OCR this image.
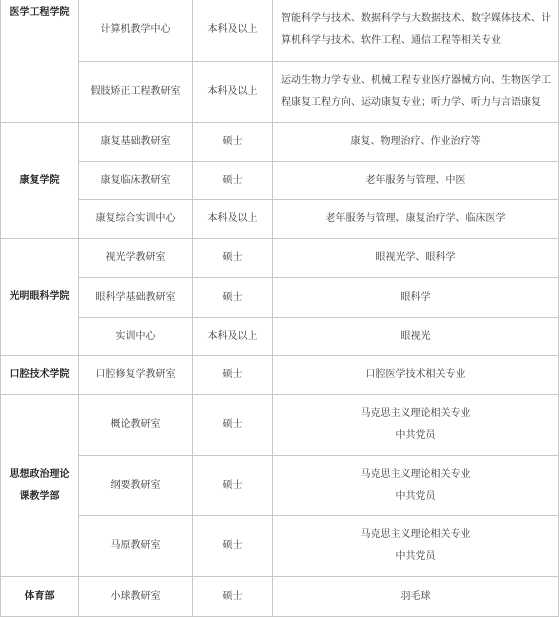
医学工程学院	计算机教学中心	本科及以上	智能科学与技术、数据科学与大数据技术、数字媒体技术、计
算机科学与技术、软件工程、通信工程等相关专业

	假肢矫正工程教研室	本科及以上	运动生物力学专业、机械工程专业医疗器械方向、生物医学工
程康复工程方向、运动康复专业；听力学、听力与言语康复

康复学院	康复基础教研室	硕士	康复、物理治疗、作业治疗等
	康复临床教研室	硕士	老年服务与管理、中医
	康复综合实训中心	本科及以上	老年服务与管理、康复治疗学、临床医学
光明眼科学院	视光学教研室	硕士	眼视光学、眼科学
	眼科学基础教研室	硕士	眼科学
	实训中心	本科及以上	眼视光
口腔技术学院	口腔修复学教研室	硕士	口腔医学技术相关专业

思想政治理论
课教学部	概论教研室	硕士	马克思主义理论相关专业
中共党员

	纲要教研室	硕士	马克思主义理论相关专业
中共党员

	马原教研室	硕士	马克思主义理论相关专业
中共党员

体育部	小球教研室	硕士	羽毛球
